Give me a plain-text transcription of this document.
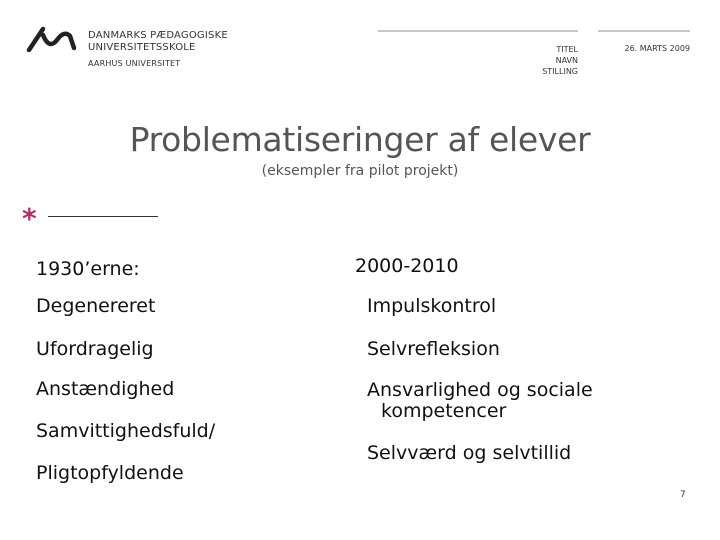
DANMARKS PÆDAGOGISKE
UNIVERSITETSSKOLE
AARHUS UNIVERSITET
TITEL
NAVN
STILLING
26. MARTS 2009
Problematiseringer af elever
(eksempler fra pilot projekt)
*
1930’erne:
Degenereret
Ufordragelig
Anstændighed
Samvittighedsfuld/
Pligtopfyldende
2000-2010
Impulskontrol
Selvrefleksion
Ansvarlighed og sociale
kompetencer
Selvværd og selvtillid
7
